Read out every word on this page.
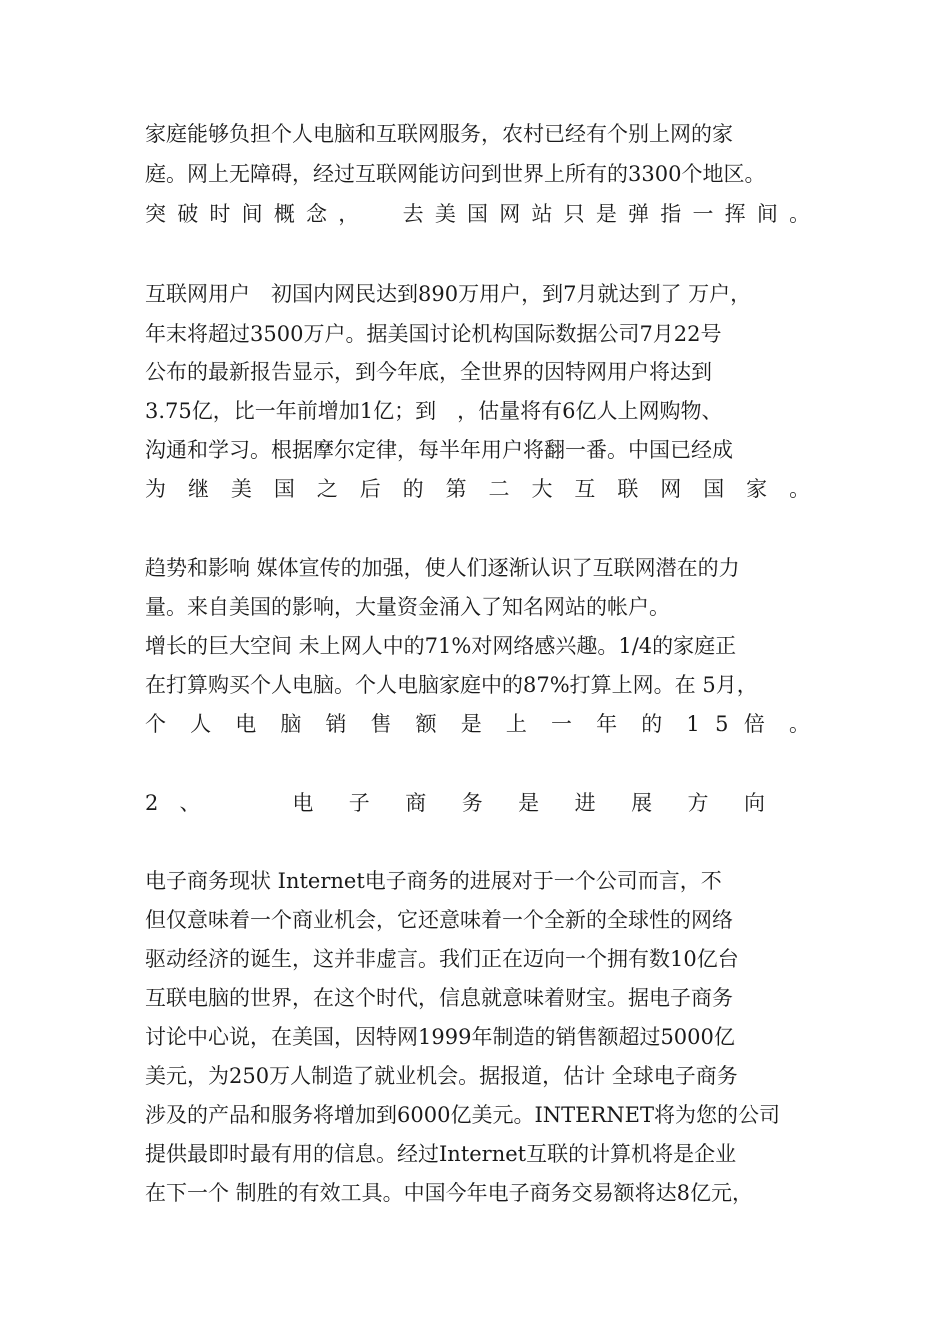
家庭能够负担个人电脑和互联网服务，农村已经有个别上网的家
庭。网上无障碍，经过互联网能访问到世界上所有的3300个地区。
突 破 时 间 概 念 ， 　 去 美 国 网 站 只 是 弹 指 一 挥 间 。
互联网用户　初国内网民达到890万用户，到7月就达到了 万户，
年末将超过3500万户。据美国讨论机构国际数据公司7月22号
公布的最新报告显示，到今年底，全世界的因特网用户将达到
3.75亿，比一年前增加1亿；到　，估量将有6亿人上网购物、
沟通和学习。根据摩尔定律，每半年用户将翻一番。中国已经成
为 继 美 国 之 后 的 第 二 大 互 联 网 国 家 。
趋势和影响 媒体宣传的加强，使人们逐渐认识了互联网潜在的力
量。来自美国的影响，大量资金涌入了知名网站的帐户。
增长的巨大空间 未上网人中的71%对网络感兴趣。1/4的家庭正
在打算购买个人电脑。个人电脑家庭中的87%打算上网。在 5月，
个 人 电 脑 销 售 额 是 上 一 年 的 1 5 倍 。
2 、 　	电 子 商 务 是 进 展 方 向
电子商务现状 Internet电子商务的进展对于一个公司而言，不
但仅意味着一个商业机会，它还意味着一个全新的全球性的网络
驱动经济的诞生，这并非虚言。我们正在迈向一个拥有数10亿台
互联电脑的世界，在这个时代，信息就意味着财宝。据电子商务
讨论中心说，在美国，因特网1999年制造的销售额超过5000亿
美元，为250万人制造了就业机会。据报道，估计 全球电子商务
涉及的产品和服务将增加到6000亿美元。INTERNET将为您的公司
提供最即时最有用的信息。经过Internet互联的计算机将是企业
在下一个 制胜的有效工具。中国今年电子商务交易额将达8亿元，
